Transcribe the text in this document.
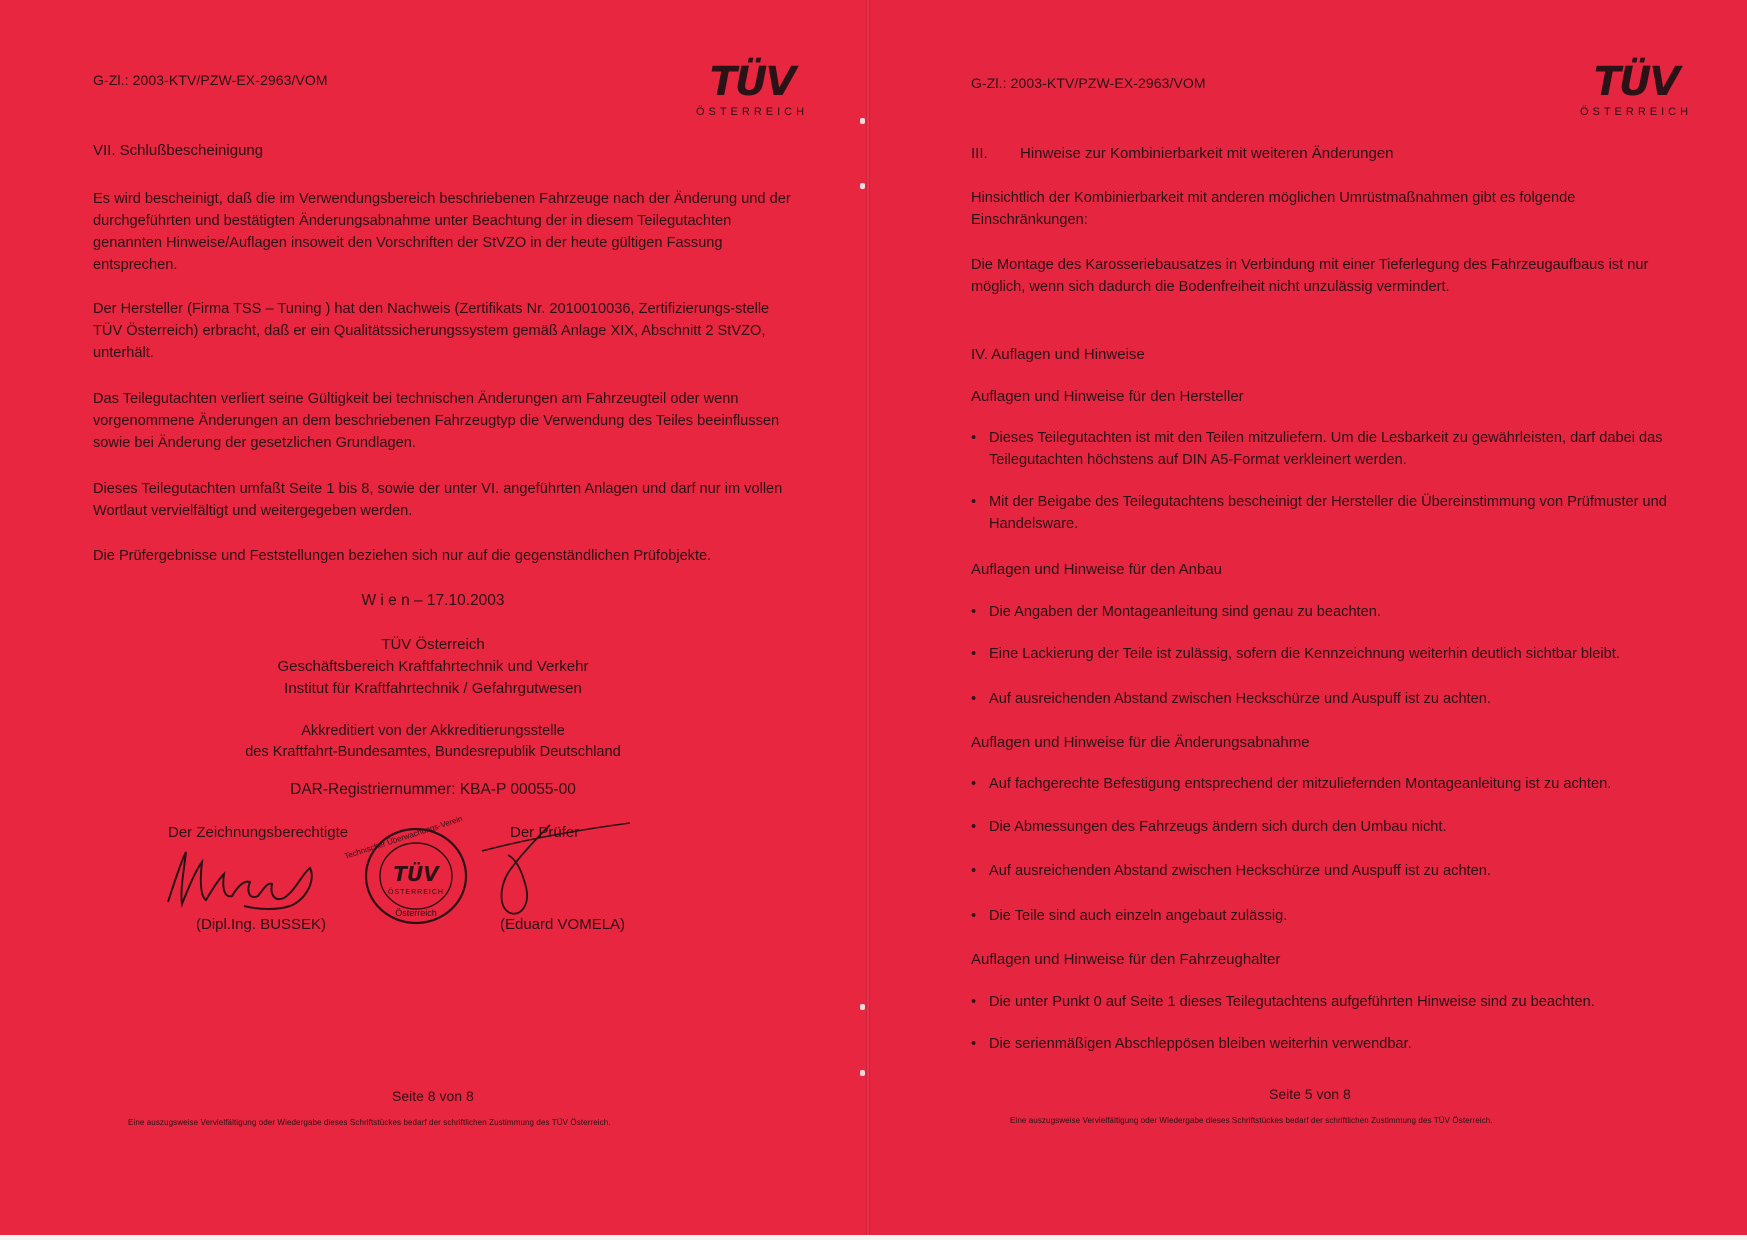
G-Zl.: 2003-KTV/PZW-EX-2963/VOM	TÜV
ÖSTERREICH
VII. Schlußbescheinigung
Es wird bescheinigt, daß die im Verwendungsbereich beschriebenen Fahrzeuge nach der Änderung und der durchgeführten und bestätigten Änderungsabnahme unter Beachtung der in diesem Teilegutachten genannten Hinweise/Auflagen insoweit den Vorschriften der StVZO in der heute gültigen Fassung entsprechen.
Der Hersteller (Firma TSS – Tuning ) hat den Nachweis (Zertifikats Nr. 2010010036, Zertifizierungs-stelle TÜV Österreich) erbracht, daß er ein Qualitätssicherungssystem gemäß Anlage XIX, Abschnitt 2 StVZO, unterhält.
Das Teilegutachten verliert seine Gültigkeit bei technischen Änderungen am Fahrzeugteil oder wenn vorgenommene Änderungen an dem beschriebenen Fahrzeugtyp die Verwendung des Teiles beeinflussen sowie bei Änderung der gesetzlichen Grundlagen.
Dieses Teilegutachten umfaßt Seite 1 bis 8, sowie der unter VI. angeführten Anlagen und darf nur im vollen Wortlaut vervielfältigt und weitergegeben werden.
Die Prüfergebnisse und Feststellungen beziehen sich nur auf die gegenständlichen Prüfobjekte.
W i e n – 17.10.2003
TÜV Österreich
Geschäftsbereich Kraftfahrtechnik und Verkehr
Institut für Kraftfahrtechnik / Gefahrgutwesen
Akkreditiert von der Akkreditierungsstelle
des Kraftfahrt-Bundesamtes, Bundesrepublik Deutschland
DAR-Registriernummer: KBA-P 00055-00
Der Zeichnungsberechtigte	Der Prüfer
Technischer Überwachungs-Verein
TÜV
ÖSTERREICH
Österreich
(Dipl.Ing. BUSSEK)	(Eduard VOMELA)
Seite 8 von 8
Eine auszugsweise Vervielfältigung oder Wiedergabe dieses Schriftstückes bedarf der schriftlichen Zustimmung des TÜV Österreich.
G-Zl.: 2003-KTV/PZW-EX-2963/VOM	TÜV
ÖSTERREICH
III. Hinweise zur Kombinierbarkeit mit weiteren Änderungen
Hinsichtlich der Kombinierbarkeit mit anderen möglichen Umrüstmaßnahmen gibt es folgende Einschränkungen:
Die Montage des Karosseriebausatzes in Verbindung mit einer Tieferlegung des Fahrzeugaufbaus ist nur möglich, wenn sich dadurch die Bodenfreiheit nicht unzulässig vermindert.
IV. Auflagen und Hinweise
Auflagen und Hinweise für den Hersteller
• Dieses Teilegutachten ist mit den Teilen mitzuliefern. Um die Lesbarkeit zu gewährleisten, darf dabei das Teilegutachten höchstens auf DIN A5-Format verkleinert werden.
• Mit der Beigabe des Teilegutachtens bescheinigt der Hersteller die Übereinstimmung von Prüfmuster und Handelsware.
Auflagen und Hinweise für den Anbau
• Die Angaben der Montageanleitung sind genau zu beachten.
• Eine Lackierung der Teile ist zulässig, sofern die Kennzeichnung weiterhin deutlich sichtbar bleibt.
• Auf ausreichenden Abstand zwischen Heckschürze und Auspuff ist zu achten.
Auflagen und Hinweise für die Änderungsabnahme
• Auf fachgerechte Befestigung entsprechend der mitzuliefernden Montageanleitung ist zu achten.
• Die Abmessungen des Fahrzeugs ändern sich durch den Umbau nicht.
• Auf ausreichenden Abstand zwischen Heckschürze und Auspuff ist zu achten.
• Die Teile sind auch einzeln angebaut zulässig.
Auflagen und Hinweise für den Fahrzeughalter
• Die unter Punkt 0 auf Seite 1 dieses Teilegutachtens aufgeführten Hinweise sind zu beachten.
• Die serienmäßigen Abschleppösen bleiben weiterhin verwendbar.
Seite 5 von 8
Eine auszugsweise Vervielfältigung oder Wiedergabe dieses Schriftstückes bedarf der schriftlichen Zustimmung des TÜV Österreich.
